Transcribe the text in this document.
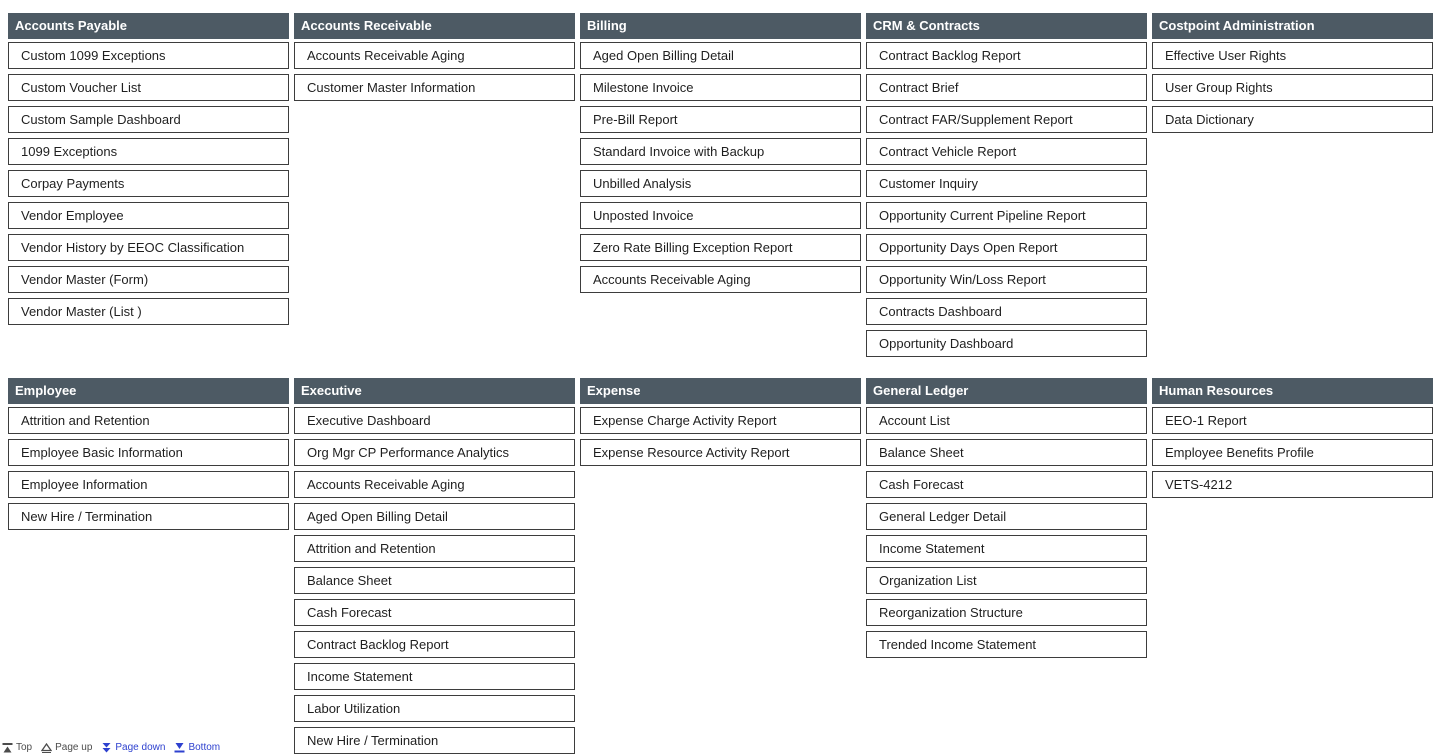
Accounts Payable
Custom 1099 Exceptions
Custom Voucher List
Custom Sample Dashboard
1099 Exceptions
Corpay Payments
Vendor Employee
Vendor History by EEOC Classification
Vendor Master (Form)
Vendor Master (List )
Accounts Receivable
Accounts Receivable Aging
Customer Master Information
Billing
Aged Open Billing Detail
Milestone Invoice
Pre-Bill Report
Standard Invoice with Backup
Unbilled Analysis
Unposted Invoice
Zero Rate Billing Exception Report
Accounts Receivable Aging
CRM & Contracts
Contract Backlog Report
Contract Brief
Contract FAR/Supplement Report
Contract Vehicle Report
Customer Inquiry
Opportunity Current Pipeline Report
Opportunity Days Open Report
Opportunity Win/Loss Report
Contracts Dashboard
Opportunity Dashboard
Costpoint Administration
Effective User Rights
User Group Rights
Data Dictionary
Employee
Attrition and Retention
Employee Basic Information
Employee Information
New Hire / Termination
Executive
Executive Dashboard
Org Mgr CP Performance Analytics
Accounts Receivable Aging
Aged Open Billing Detail
Attrition and Retention
Balance Sheet
Cash Forecast
Contract Backlog Report
Income Statement
Labor Utilization
New Hire / Termination
Expense
Expense Charge Activity Report
Expense Resource Activity Report
General Ledger
Account List
Balance Sheet
Cash Forecast
General Ledger Detail
Income Statement
Organization List
Reorganization Structure
Trended Income Statement
Human Resources
EEO-1 Report
Employee Benefits Profile
VETS-4212
Top Page up Page down Bottom
